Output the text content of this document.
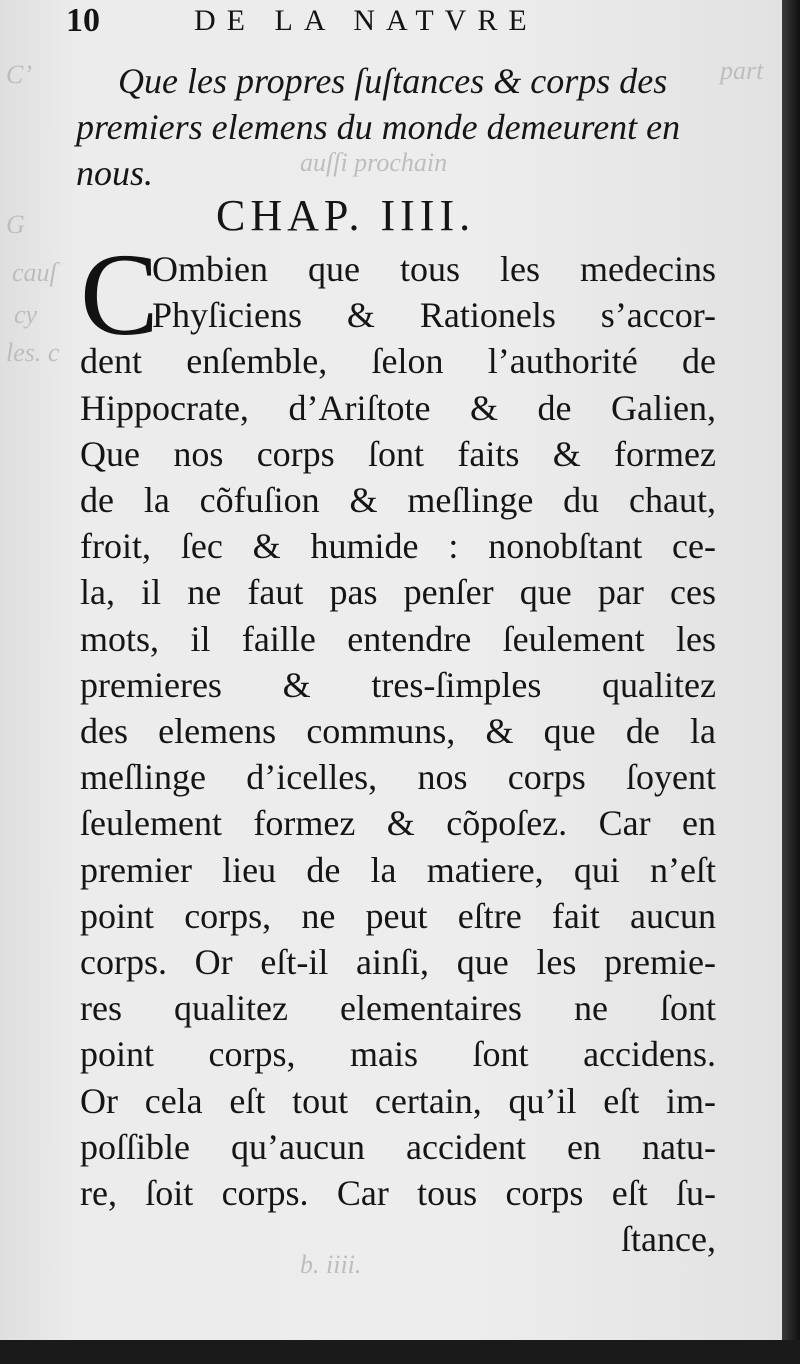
C’	part
auſſi prochain
G
cauſ
cy
les. c
b. iiii.
10	DE LA NATVRE
Que les propres ſuſtances & corps des
premiers elemens du monde demeurent en
nous.
CHAP. IIII.
C
Ombien que tous les medecins
Phyſiciens & Rationels s’accor-
dent enſemble, ſelon l’authorité de
Hippocrate, d’Ariſtote & de Galien,
Que nos corps ſont faits & formez
de la cõfuſion & meſlinge du chaut,
froit, ſec & humide : nonobſtant ce-
la, il ne faut pas penſer que par ces
mots, il faille entendre ſeulement les
premieres & tres-ſimples qualitez
des elemens communs, & que de la
meſlinge d’icelles, nos corps ſoyent
ſeulement formez & cõpoſez. Car en
premier lieu de la matiere, qui n’eſt
point corps, ne peut eſtre fait aucun
corps. Or eſt-il ainſi, que les premie-
res qualitez elementaires ne ſont
point corps, mais ſont accidens.
Or cela eſt tout certain, qu’il eſt im-
poſſible qu’aucun accident en natu-
re, ſoit corps. Car tous corps eſt ſu-
ſtance,
